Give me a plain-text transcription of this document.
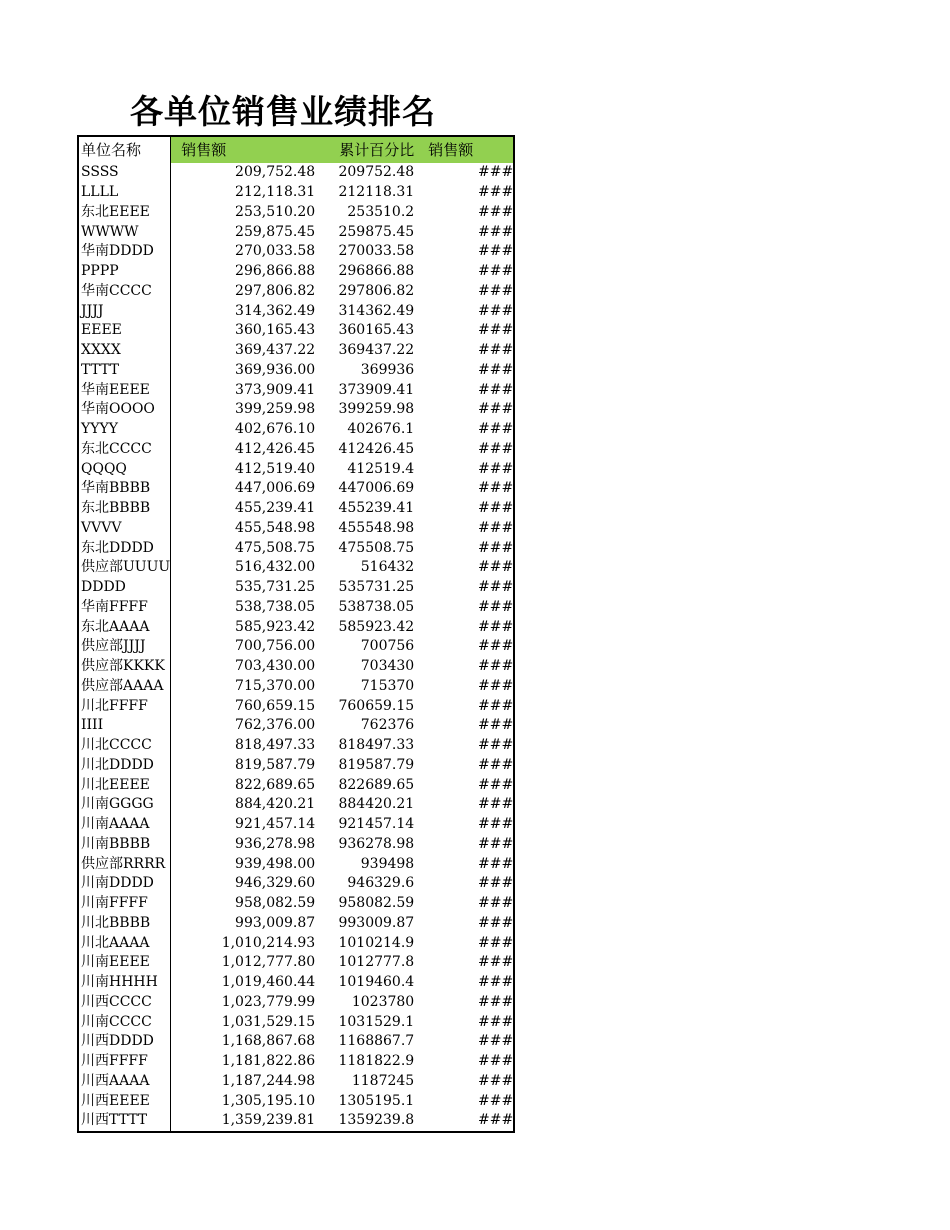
各单位销售业绩排名
单位名称	销售额	累计百分比	销售额
SSSS	209,752.48	209752.48	###
LLLL	212,118.31	212118.31	###
东北EEEE	253,510.20	253510.2	###
WWWW	259,875.45	259875.45	###
华南DDDD	270,033.58	270033.58	###
PPPP	296,866.88	296866.88	###
华南CCCC	297,806.82	297806.82	###
JJJJ	314,362.49	314362.49	###
EEEE	360,165.43	360165.43	###
XXXX	369,437.22	369437.22	###
TTTT	369,936.00	369936	###
华南EEEE	373,909.41	373909.41	###
华南OOOO	399,259.98	399259.98	###
YYYY	402,676.10	402676.1	###
东北CCCC	412,426.45	412426.45	###
QQQQ	412,519.40	412519.4	###
华南BBBB	447,006.69	447006.69	###
东北BBBB	455,239.41	455239.41	###
VVVV	455,548.98	455548.98	###
东北DDDD	475,508.75	475508.75	###
供应部UUUU	516,432.00	516432	###
DDDD	535,731.25	535731.25	###
华南FFFF	538,738.05	538738.05	###
东北AAAA	585,923.42	585923.42	###
供应部JJJJ	700,756.00	700756	###
供应部KKKK	703,430.00	703430	###
供应部AAAA	715,370.00	715370	###
川北FFFF	760,659.15	760659.15	###
IIII	762,376.00	762376	###
川北CCCC	818,497.33	818497.33	###
川北DDDD	819,587.79	819587.79	###
川北EEEE	822,689.65	822689.65	###
川南GGGG	884,420.21	884420.21	###
川南AAAA	921,457.14	921457.14	###
川南BBBB	936,278.98	936278.98	###
供应部RRRR	939,498.00	939498	###
川南DDDD	946,329.60	946329.6	###
川南FFFF	958,082.59	958082.59	###
川北BBBB	993,009.87	993009.87	###
川北AAAA	1,010,214.93	1010214.9	###
川南EEEE	1,012,777.80	1012777.8	###
川南HHHH	1,019,460.44	1019460.4	###
川西CCCC	1,023,779.99	1023780	###
川南CCCC	1,031,529.15	1031529.1	###
川西DDDD	1,168,867.68	1168867.7	###
川西FFFF	1,181,822.86	1181822.9	###
川西AAAA	1,187,244.98	1187245	###
川西EEEE	1,305,195.10	1305195.1	###
川西TTTT	1,359,239.81	1359239.8	###
